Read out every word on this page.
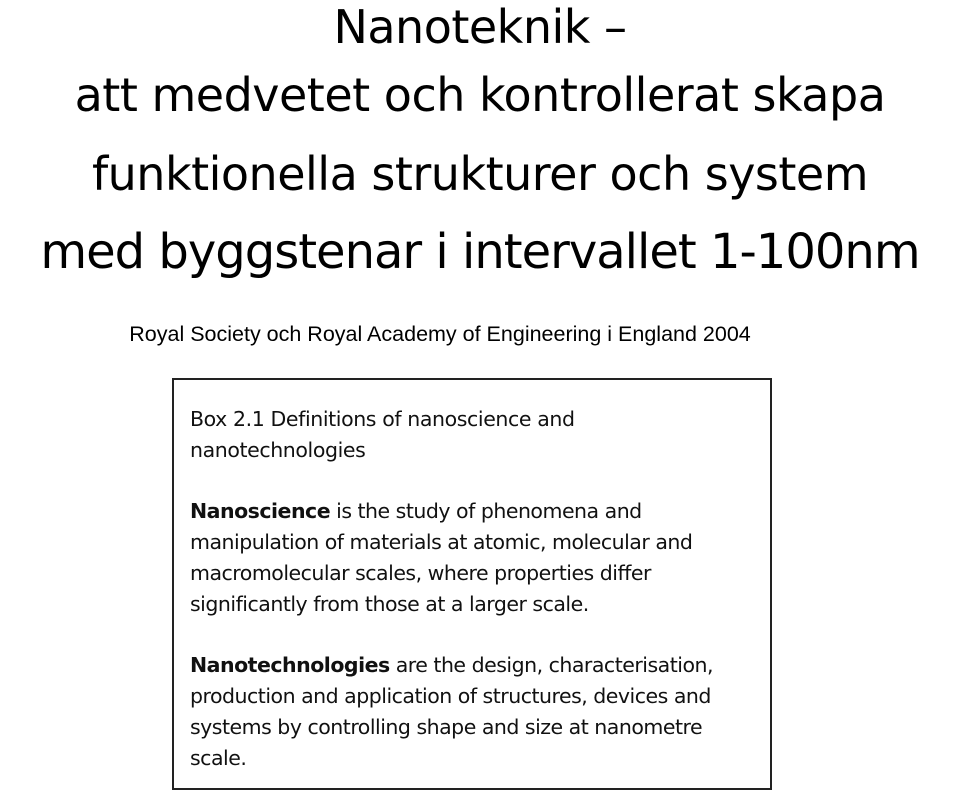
Nanoteknik –
att medvetet och kontrollerat skapa
funktionella strukturer och system
med byggstenar i intervallet 1-100nm
Royal Society och Royal Academy of Engineering i England 2004

Box 2.1 Definitions of nanoscience and
nanotechnologies

Nanoscience is the study of phenomena and manipulation of materials at atomic, molecular and macromolecular scales, where properties differ significantly from those at a larger scale.

Nanotechnologies are the design, characterisation, production and application of structures, devices and systems by controlling shape and size at nanometre scale.
